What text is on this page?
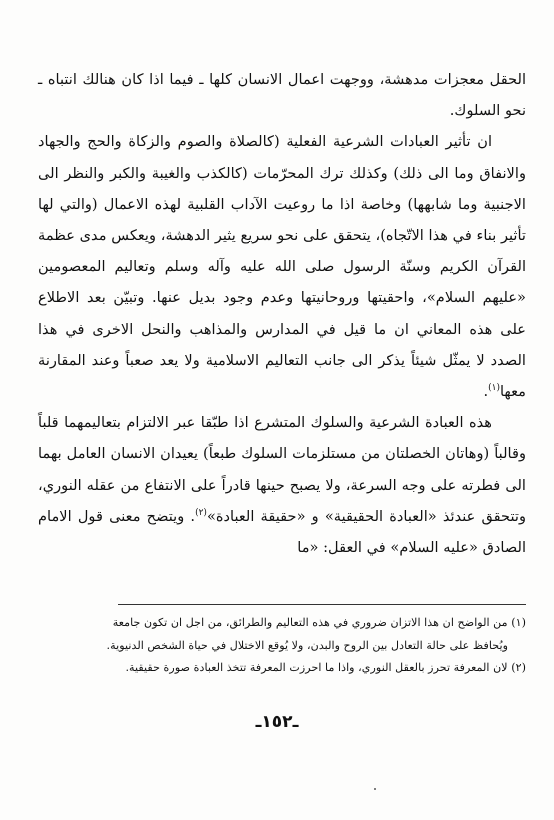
الحقل معجزات مدهشة، ووجهت اعمال الانسان كلها ـ فيما اذا كان هنالك انتباه ـ نحو السلوك.

ان تأثير العبادات الشرعية الفعلية (كالصلاة والصوم والزكاة والحج والجهاد والانفاق وما الى ذلك) وكذلك ترك المحرّمات (كالكذب والغيبة والكبر والنظر الى الاجنبية وما شابهها) وخاصة اذا ما روعيت الآداب القلبية لهذه الاعمال (والتي لها تأثير بناء في هذا الاتّجاه)، يتحقق على نحو سريع يثير الدهشة، ويعكس مدى عظمة القرآن الكريم وسنّة الرسول صلى الله عليه وآله وسلم وتعاليم المعصومين «عليهم السلام»، واحقيتها وروحانيتها وعدم وجود بديل عنها. وتبيّن بعد الاطلاع على هذه المعاني ان ما قيل في المدارس والمذاهب والنحل الاخرى في هذا الصدد لا يمثّل شيئاً يذكر الى جانب التعاليم الاسلامية ولا يعد صعباً وعند المقارنة معها$^{(١)}$.

هذه العبادة الشرعية والسلوك المتشرع اذا طبّقا عبر الالتزام بتعاليمهما قلباً وقالباً (وهاتان الخصلتان من مستلزمات السلوك طبعاً) يعيدان الانسان العامل بهما الى فطرته على وجه السرعة، ولا يصبح حينها قادراً على الانتفاع من عقله النوري، وتتحقق عندئذ «العبادة الحقيقية» و «حقيقة العبادة»$^{(٢)}$. ويتضح معنى قول الامام الصادق «عليه السلام» في العقل: «ما

(١) من الواضح ان هذا الاتزان ضروري في هذه التعاليم والطرائق، من اجل ان تكون جامعة

ويُحافظ على حالة التعادل بين الروح والبدن، ولا يُوقع الاختلال في حياة الشخص الدنيوية.

(٢) لان المعرفة تحرز بالعقل النوري، واذا ما احرزت المعرفة تتخذ العبادة صورة حقيقية.

ـ١٥٢ـ
